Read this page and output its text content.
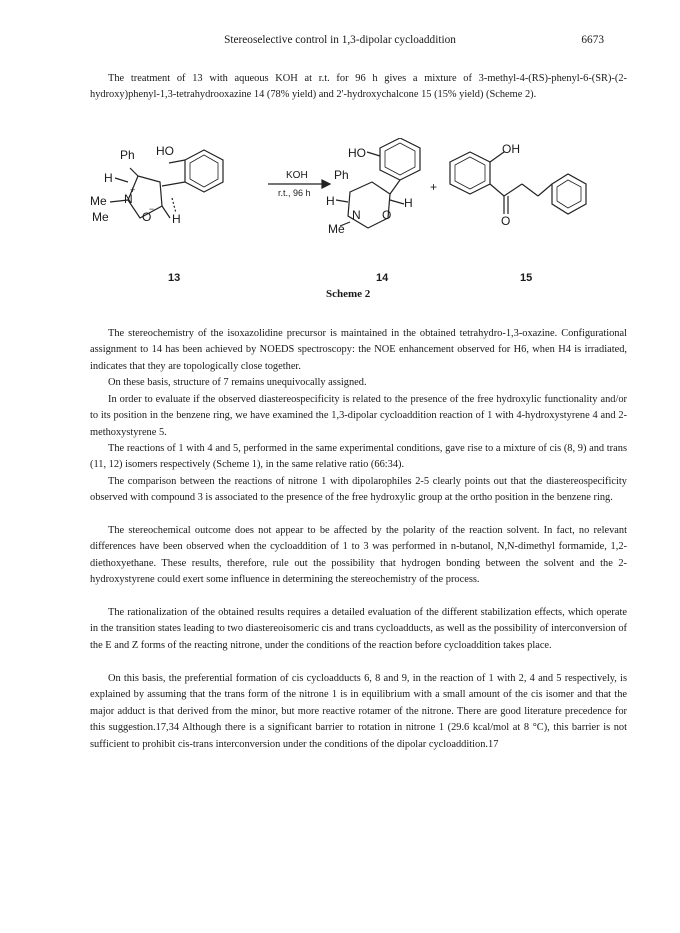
Stereoselective control in 1,3-dipolar cycloaddition	6673

The treatment of 13 with aqueous KOH at r.t. for 96 h gives a mixture of 3-methyl-4-(RS)-phenyl-6-(SR)-(2-hydroxy)phenyl-1,3-tetrahydrooxazine 14 (78% yield) and 2'-hydroxychalcone 15 (15% yield) (Scheme 2).

Ph HO
H
Me N
+
O
−
Me	H
KOH
r.t., 96 h
HO
Ph
H	H
N O
Me
+
OH
O
13	14	15
Scheme 2

The stereochemistry of the isoxazolidine precursor is maintained in the obtained tetrahydro-1,3-oxazine. Configurational assignment to 14 has been achieved by NOEDS spectroscopy: the NOE enhancement observed for H6, when H4 is irradiated, indicates that they are topologically close together.

On these basis, structure of 7 remains unequivocally assigned.

In order to evaluate if the observed diastereospecificity is related to the presence of the free hydroxylic functionality and/or to its position in the benzene ring, we have examined the 1,3-dipolar cycloaddition reaction of 1 with 4-hydroxystyrene 4 and 2-methoxystyrene 5.

The reactions of 1 with 4 and 5, performed in the same experimental conditions, gave rise to a mixture of cis (8, 9) and trans (11, 12) isomers respectively (Scheme 1), in the same relative ratio (66:34).

The comparison between the reactions of nitrone 1 with dipolarophiles 2-5 clearly points out that the diastereospecificity observed with compound 3 is associated to the presence of the free hydroxylic group at the ortho position in the benzene ring.

The stereochemical outcome does not appear to be affected by the polarity of the reaction solvent. In fact, no relevant differences have been observed when the cycloaddition of 1 to 3 was performed in n-butanol, N,N-dimethyl formamide, 1,2-diethoxyethane. These results, therefore, rule out the possibility that hydrogen bonding between the solvent and the 2-hydroxystyrene could exert some influence in determining the stereochemistry of the process.

The rationalization of the obtained results requires a detailed evaluation of the different stabilization effects, which operate in the transition states leading to two diastereoisomeric cis and trans cycloadducts, as well as the possibility of interconversion of the E and Z forms of the reacting nitrone, under the conditions of the reaction before cycloaddition takes place.

On this basis, the preferential formation of cis cycloadducts 6, 8 and 9, in the reaction of 1 with 2, 4 and 5 respectively, is explained by assuming that the trans form of the nitrone 1 is in equilibrium with a small amount of the cis isomer and that the major adduct is that derived from the minor, but more reactive rotamer of the nitrone. There are good literature precedence for this suggestion.17,34 Although there is a significant barrier to rotation in nitrone 1 (29.6 kcal/mol at 8 °C), this barrier is not sufficient to prohibit cis-trans interconversion under the conditions of the dipolar cycloaddition.17
